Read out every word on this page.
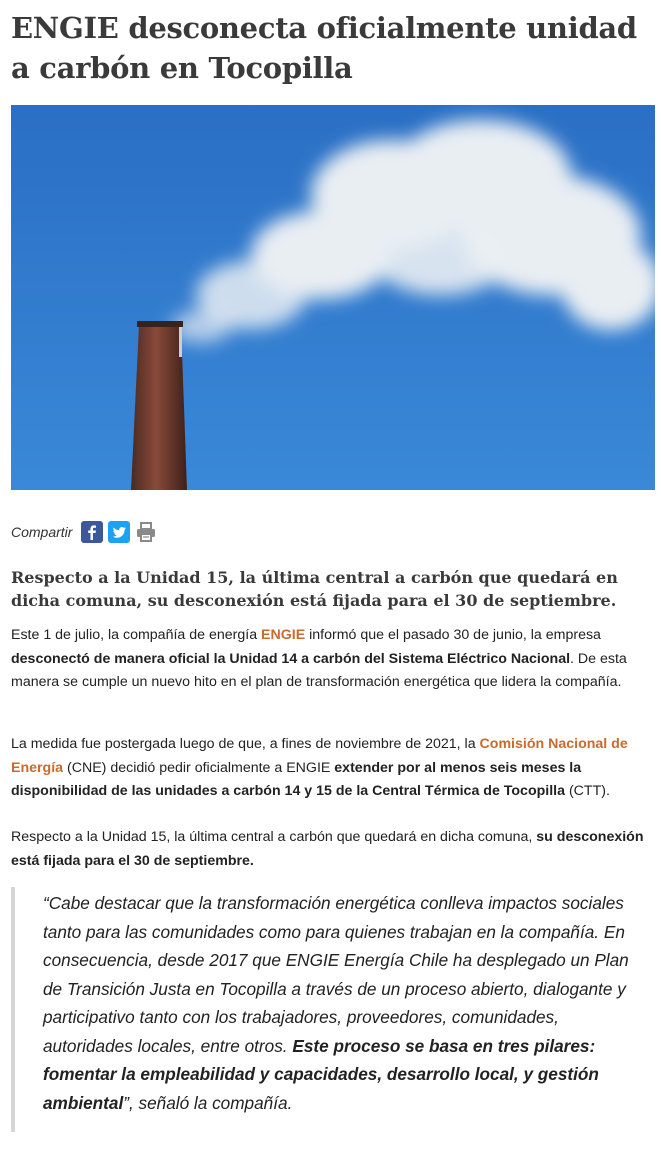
ENGIE desconecta oficialmente unidad a carbón en Tocopilla
Compartir
Respecto a la Unidad 15, la última central a carbón que quedará en dicha comuna, su desconexión está fijada para el 30 de septiembre.

Este 1 de julio, la compañía de energía ENGIE informó que el pasado 30 de junio, la empresa desconectó de manera oficial la Unidad 14 a carbón del Sistema Eléctrico Nacional. De esta manera se cumple un nuevo hito en el plan de transformación energética que lidera la compañía.

La medida fue postergada luego de que, a fines de noviembre de 2021, la Comisión Nacional de Energía (CNE) decidió pedir oficialmente a ENGIE extender por al menos seis meses la disponibilidad de las unidades a carbón 14 y 15 de la Central Térmica de Tocopilla (CTT).

Respecto a la Unidad 15, la última central a carbón que quedará en dicha comuna, su desconexión está fijada para el 30 de septiembre.

“Cabe destacar que la transformación energética conlleva impactos sociales tanto para las comunidades como para quienes trabajan en la compañía. En consecuencia, desde 2017 que ENGIE Energía Chile ha desplegado un Plan de Transición Justa en Tocopilla a través de un proceso abierto, dialogante y participativo tanto con los trabajadores, proveedores, comunidades, autoridades locales, entre otros. Este proceso se basa en tres pilares: fomentar la empleabilidad y capacidades, desarrollo local, y gestión ambiental”, señaló la compañía.
